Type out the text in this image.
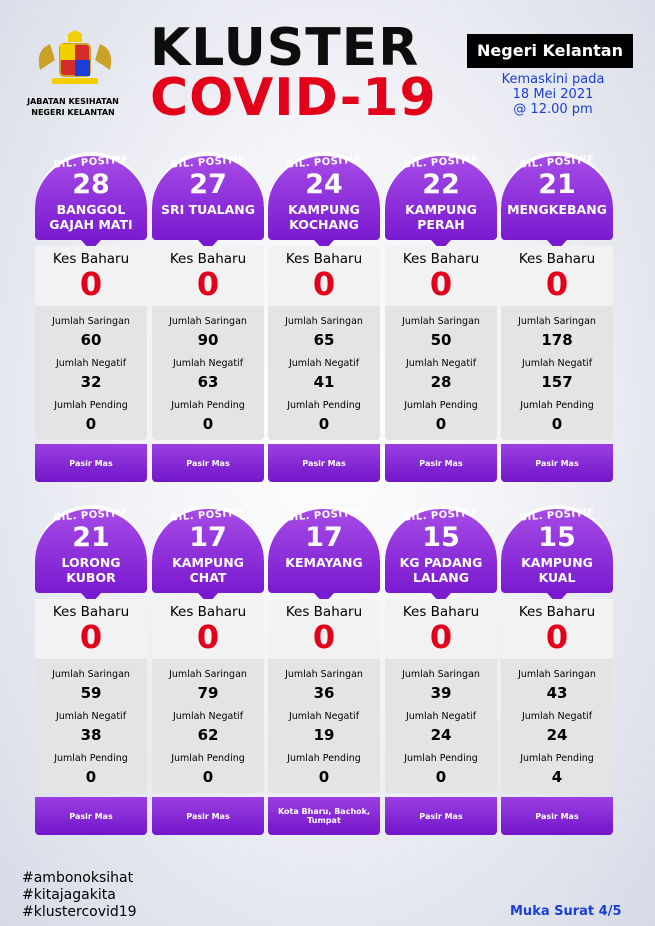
JABATAN KESIHATAN NEGERI KELANTAN
KLUSTER
COVID-19
Negeri Kelantan
Kemaskini pada
18 Mei 2021
@ 12.00 pm
BIL. POSITIF
28
BANGGOL GAJAH MATI
Kes Baharu
0
Jumlah Saringan
60
Jumlah Negatif
32
Jumlah Pending
0
Pasir Mas
BIL. POSITIF
27
SRI TUALANG
Kes Baharu
0
Jumlah Saringan
90
Jumlah Negatif
63
Jumlah Pending
0
Pasir Mas
BIL. POSITIF
24
KAMPUNG KOCHANG
Kes Baharu
0
Jumlah Saringan
65
Jumlah Negatif
41
Jumlah Pending
0
Pasir Mas
BIL. POSITIF
22
KAMPUNG PERAH
Kes Baharu
0
Jumlah Saringan
50
Jumlah Negatif
28
Jumlah Pending
0
Pasir Mas
BIL. POSITIF
21
MENGKEBANG
Kes Baharu
0
Jumlah Saringan
178
Jumlah Negatif
157
Jumlah Pending
0
Pasir Mas
BIL. POSITIF
21
LORONG KUBOR
Kes Baharu
0
Jumlah Saringan
59
Jumlah Negatif
38
Jumlah Pending
0
Pasir Mas
BIL. POSITIF
17
KAMPUNG CHAT
Kes Baharu
0
Jumlah Saringan
79
Jumlah Negatif
62
Jumlah Pending
0
Pasir Mas
BIL. POSITIF
17
KEMAYANG
Kes Baharu
0
Jumlah Saringan
36
Jumlah Negatif
19
Jumlah Pending
0
Kota Bharu, Bachok, Tumpat
BIL. POSITIF
15
KG PADANG LALANG
Kes Baharu
0
Jumlah Saringan
39
Jumlah Negatif
24
Jumlah Pending
0
Pasir Mas
BIL. POSITIF
15
KAMPUNG KUAL
Kes Baharu
0
Jumlah Saringan
43
Jumlah Negatif
24
Jumlah Pending
4
Pasir Mas
#ambonoksihat
#kitajagakita
#klustercovid19	Muka Surat 4/5
